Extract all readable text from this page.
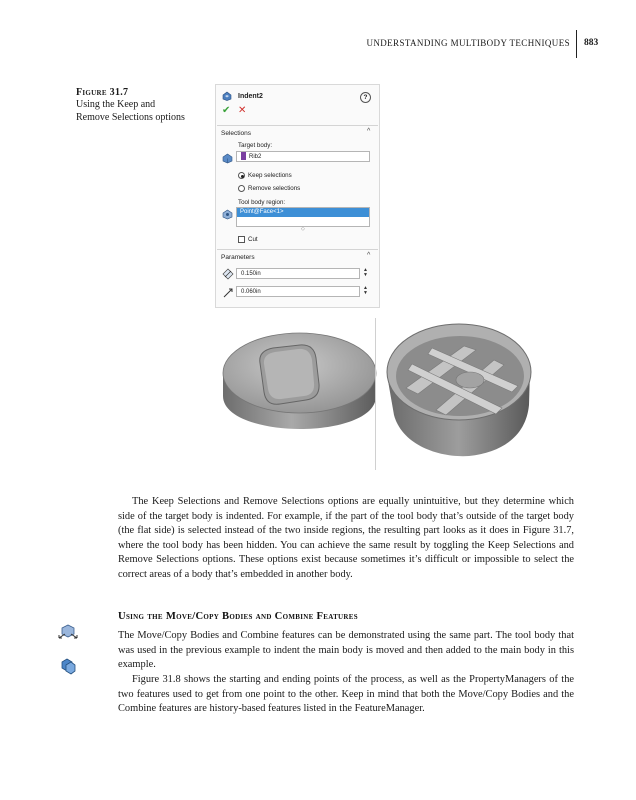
UNDERSTANDING MULTIBODY TECHNIQUES 883
Figure 31.7
Using the Keep and Remove Selections options
Indent2	?
✔ ✕
Selections	^
Target body:
Rib2
Keep selections
Remove selections
Tool body region:
Point@Face<1>
◇
Cut
Parameters	^
0.150in
▲
▼
0.060in
▲
▼
The Keep Selections and Remove Selections options are equally unintuitive, but they determine which side of the target body is indented. For example, if the part of the tool body that’s outside of the target body (the flat side) is selected instead of the two inside regions, the resulting part looks as it does in Figure 31.7, where the tool body has been hidden. You can achieve the same result by toggling the Keep Selections and Remove Selections options. These options exist because sometimes it’s difficult or impossible to select the correct areas of a body that’s embedded in another body.
Using the Move/Copy Bodies and Combine Features
The Move/Copy Bodies and Combine features can be demonstrated using the same part. The tool body that was used in the previous example to indent the main body is moved and then added to the main body in this example.
Figure 31.8 shows the starting and ending points of the process, as well as the PropertyManagers of the two features used to get from one point to the other. Keep in mind that both the Move/Copy Bodies and the Combine features are history-based features listed in the FeatureManager.
